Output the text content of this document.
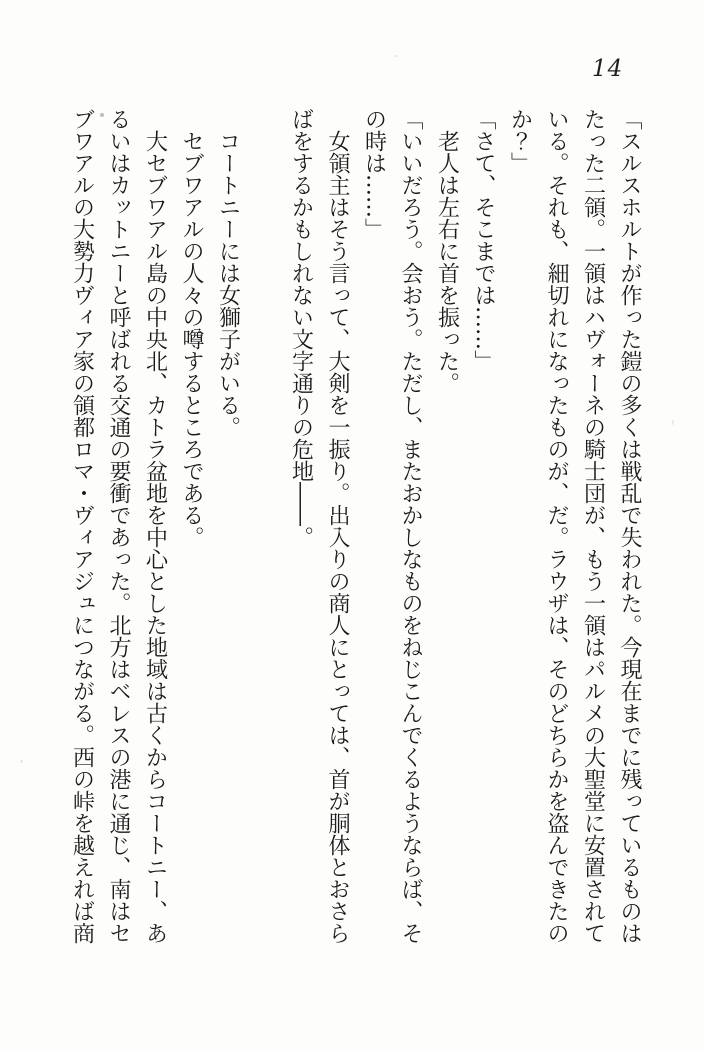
14

「スルスホルトが作った鎧の多くは戦乱で失われた。今現在までに残っているものはたった二領。一領はハヴォーネの騎士団が、もう一領はパルメの大聖堂に安置されている。それも、細切れになったものが、だ。ラウザは、そのどちらかを盗んできたのか？」

「さて、そこまでは……」

　老人は左右に首を振った。

「いいだろう。会おう。ただし、またおかしなものをねじこんでくるようならば、その時は……」

　女領主はそう言って、大剣を一振り。出入りの商人にとっては、首が胴体とおさらばをするかもしれない文字通りの危地――。

　コートニーには女獅子がいる。

　セブワアルの人々の噂するところである。

　大セブワアル島の中央北、カトラ盆地を中心とした地域は古くからコートニー、あるいはカットニーと呼ばれる交通の要衝であった。北方はベレスの港に通じ、南はセブワアルの大勢力ヴィア家の領都ロマ・ヴィアジュにつながる。西の峠を越えれば商
